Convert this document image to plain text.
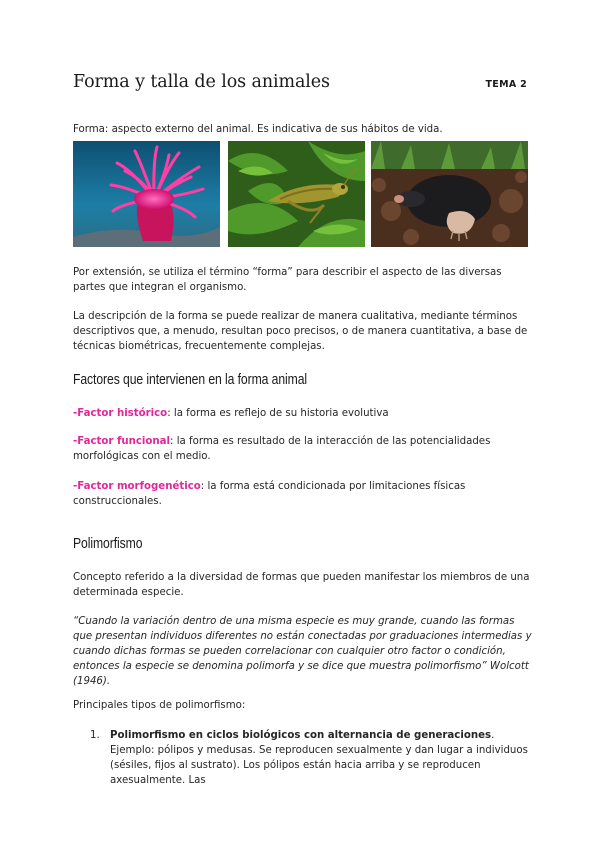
Forma y talla de los animales	TEMA 2

Forma: aspecto externo del animal. Es indicativa de sus hábitos de vida.

Por extensión, se utiliza el término “forma” para describir el aspecto de las diversas partes que integran el organismo.

La descripción de la forma se puede realizar de manera cualitativa, mediante términos descriptivos que, a menudo, resultan poco precisos, o de manera cuantitativa, a base de técnicas biométricas, frecuentemente complejas.

Factores que intervienen en la forma animal

-Factor histórico: la forma es reflejo de su historia evolutiva

-Factor funcional: la forma es resultado de la interacción de las potencialidades morfológicas con el medio.

-Factor morfogenético: la forma está condicionada por limitaciones físicas construccionales.

Polimorfismo

Concepto referido a la diversidad de formas que pueden manifestar los miembros de una determinada especie.

“Cuando la variación dentro de una misma especie es muy grande, cuando las formas que presentan individuos diferentes no están conectadas por graduaciones intermedias y cuando dichas formas se pueden correlacionar con cualquier otro factor o condición, entonces la especie se denomina polimorfa y se dice que muestra polimorfismo” Wolcott (1946).

Principales tipos de polimorfismo:

1. Polimorfismo en ciclos biológicos con alternancia de generaciones. Ejemplo: pólipos y medusas. Se reproducen sexualmente y dan lugar a individuos (sésiles, fijos al sustrato). Los pólipos están hacia arriba y se reproducen axesualmente. Las
